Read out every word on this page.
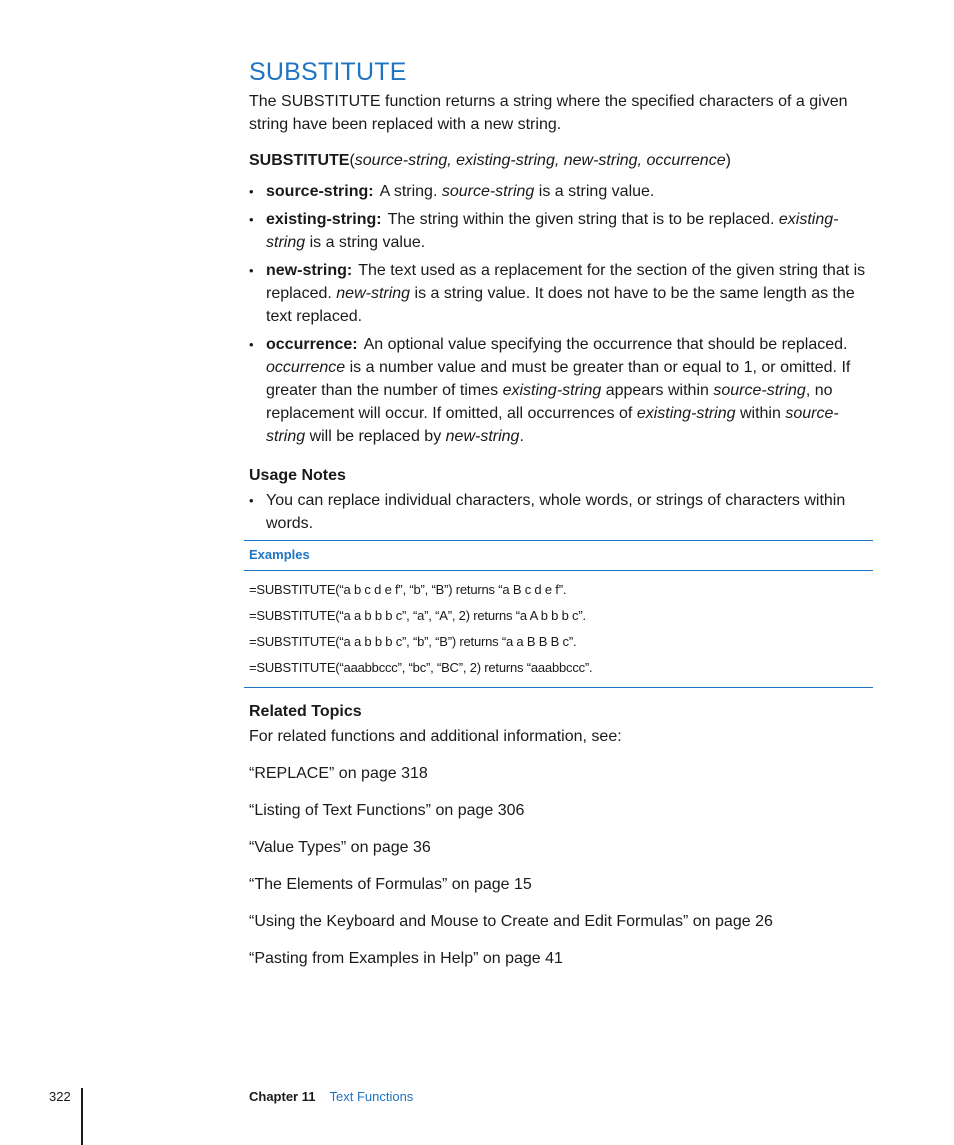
SUBSTITUTE

The SUBSTITUTE function returns a string where the specified characters of a given string have been replaced with a new string.

SUBSTITUTE(source-string, existing-string, new-string, occurrence)

• source-string: A string. source-string is a string value.
• existing-string: The string within the given string that is to be replaced. existing-string is a string value.
• new-string: The text used as a replacement for the section of the given string that is replaced. new-string is a string value. It does not have to be the same length as the text replaced.
• occurrence: An optional value specifying the occurrence that should be replaced. occurrence is a number value and must be greater than or equal to 1, or omitted. If greater than the number of times existing-string appears within source-string, no replacement will occur. If omitted, all occurrences of existing-string within source-string will be replaced by new-string.
Usage Notes
• You can replace individual characters, whole words, or strings of characters within words.
Examples
=SUBSTITUTE(“a b c d e f”, “b”, “B”) returns “a B c d e f”.
=SUBSTITUTE(“a a b b b c”, “a”, “A”, 2) returns “a A b b b c”.
=SUBSTITUTE(“a a b b b c”, “b”, “B”) returns “a a B B B c”.
=SUBSTITUTE(“aaabbccc”, “bc”, “BC”, 2) returns “aaabbccc”.
Related Topics

For related functions and additional information, see:

“REPLACE” on page 318

“Listing of Text Functions” on page 306

“Value Types” on page 36

“The Elements of Formulas” on page 15

“Using the Keyboard and Mouse to Create and Edit Formulas” on page 26

“Pasting from Examples in Help” on page 41

322	Chapter 11 Text Functions
